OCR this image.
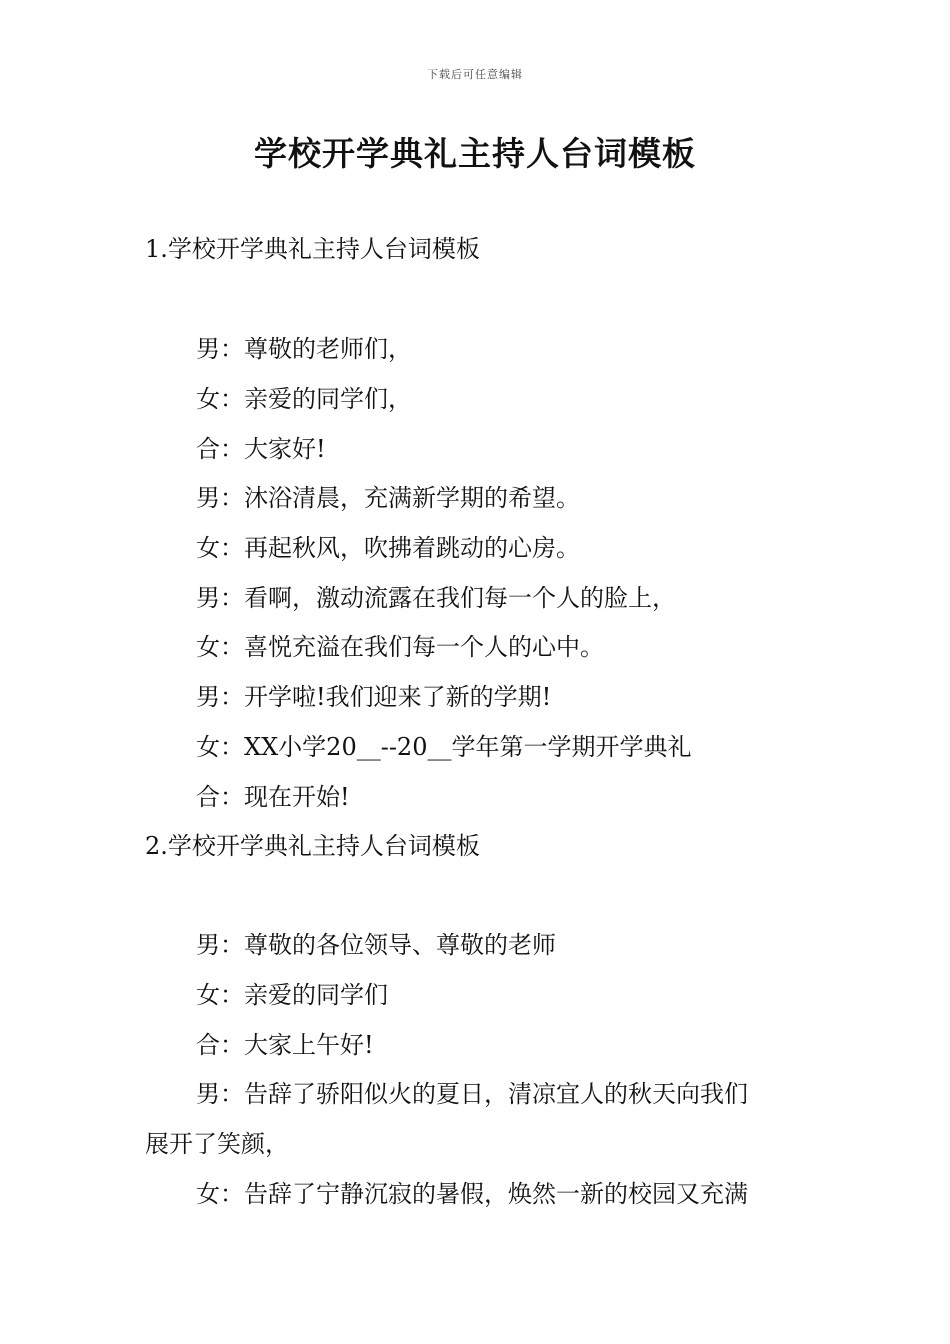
下载后可任意编辑
学校开学典礼主持人台词模板
1.学校开学典礼主持人台词模板
男：尊敬的老师们，
女：亲爱的同学们，
合：大家好!
男：沐浴清晨，充满新学期的希望。
女：再起秋风，吹拂着跳动的心房。
男：看啊，激动流露在我们每一个人的脸上，
女：喜悦充溢在我们每一个人的心中。
男：开学啦!我们迎来了新的学期!
女：XX小学20__--20__学年第一学期开学典礼
合：现在开始!
2.学校开学典礼主持人台词模板
男：尊敬的各位领导、尊敬的老师
女：亲爱的同学们
合：大家上午好!
男：告辞了骄阳似火的夏日，清凉宜人的秋天向我们
展开了笑颜，
女：告辞了宁静沉寂的暑假，焕然一新的校园又充满
